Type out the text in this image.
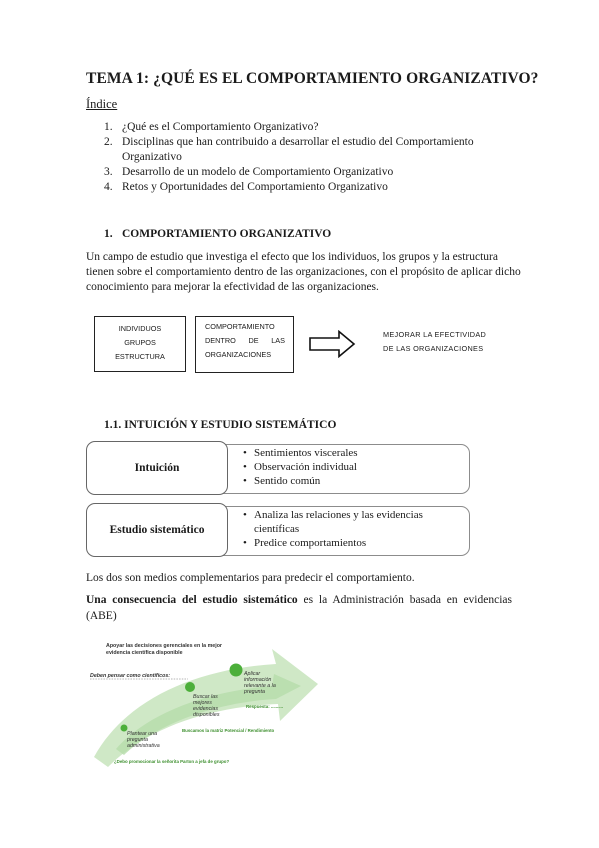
TEMA 1: ¿QUÉ ES EL COMPORTAMIENTO ORGANIZATIVO?
Índice
1. ¿Qué es el Comportamiento Organizativo?
2. Disciplinas que han contribuido a desarrollar el estudio del Comportamiento Organizativo
3. Desarrollo de un modelo de Comportamiento Organizativo
4. Retos y Oportunidades del Comportamiento Organizativo
1. COMPORTAMIENTO ORGANIZATIVO
Un campo de estudio que investiga el efecto que los individuos, los grupos y la estructura tienen sobre el comportamiento dentro de las organizaciones, con el propósito de aplicar dicho conocimiento para mejorar la efectividad de las organizaciones.
INDIVIDUOS
GRUPOS
ESTRUCTURA
COMPORTAMIENTO
DENTRO DE LAS
ORGANIZACIONES
MEJORAR LA EFECTIVIDAD
DE LAS ORGANIZACIONES
1.1. INTUICIÓN Y ESTUDIO SISTEMÁTICO
Intuición
• Sentimientos viscerales
• Observación individual
• Sentido común
Estudio sistemático
• Analiza las relaciones y las evidencias científicas
• Predice comportamientos
Los dos son medios complementarios para predecir el comportamiento.
Una consecuencia del estudio sistemático es la Administración basada en evidencias (ABE)
Apoyar las decisiones gerenciales en la mejor
evidencia científica disponible
Deben pensar como científicos:	Aplicar
información
relevante a la
pregunta
Respuesta: ..........
Buscar las
mejores
evidencias
disponibles
Buscamos la matriz Potencial / Rendimiento
Plantear una
pregunta
administrativa
¿Debo promocionar la señorita Parton a jefa de grupo?
